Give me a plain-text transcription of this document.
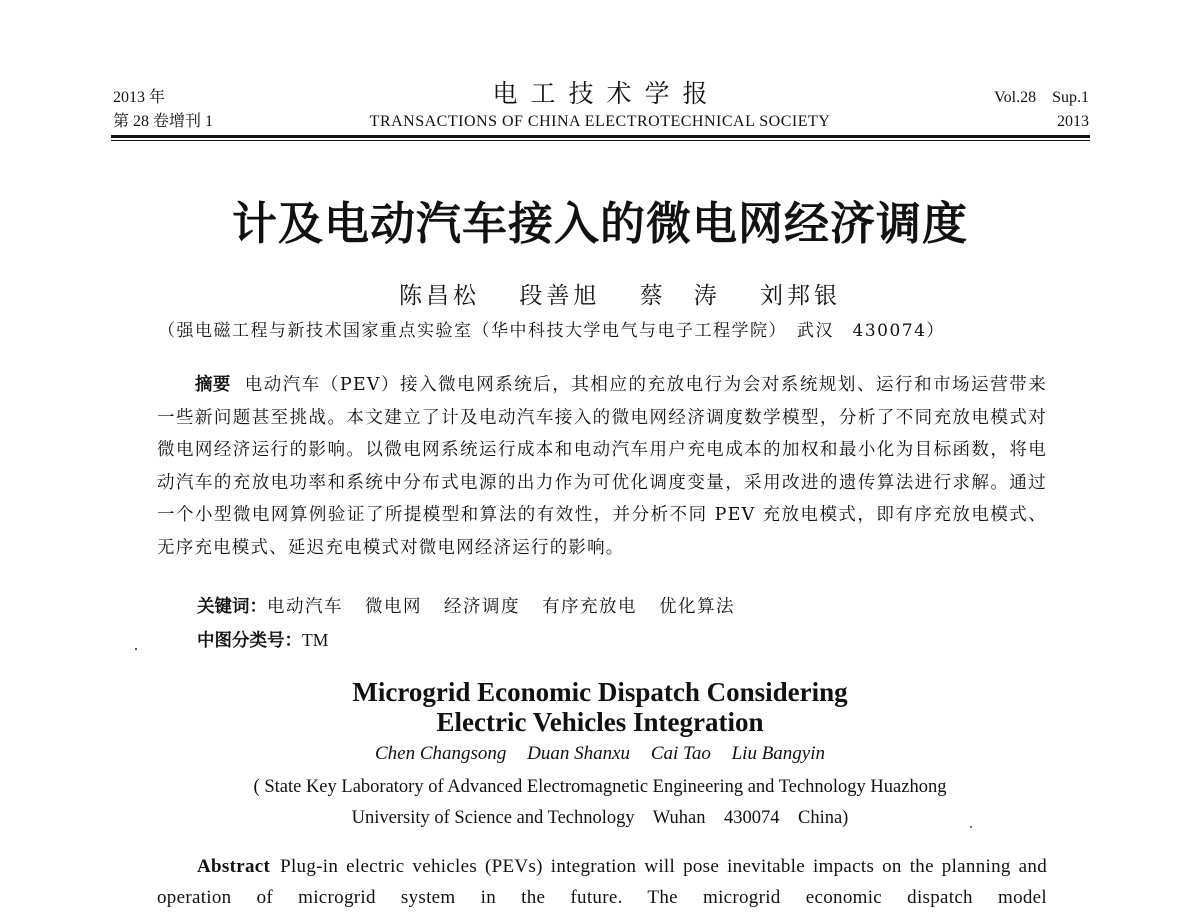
2013 年
第 28 卷增刊 1
电工技术学报
TRANSACTIONS OF CHINA ELECTROTECHNICAL SOCIETY
Vol.28 Sup.1
2013
计及电动汽车接入的微电网经济调度
陈昌松 段善旭 蔡　涛 刘邦银
（强电磁工程与新技术国家重点实验室（华中科技大学电气与电子工程学院）　武汉　430074）
摘要 电动汽车（PEV）接入微电网系统后，其相应的充放电行为会对系统规划、运行和市场运营带来一些新问题甚至挑战。本文建立了计及电动汽车接入的微电网经济调度数学模型，分析了不同充放电模式对微电网经济运行的影响。以微电网系统运行成本和电动汽车用户充电成本的加权和最小化为目标函数，将电动汽车的充放电功率和系统中分布式电源的出力作为可优化调度变量，采用改进的遗传算法进行求解。通过一个小型微电网算例验证了所提模型和算法的有效性，并分析不同 PEV 充放电模式，即有序充放电模式、无序充电模式、延迟充电模式对微电网经济运行的影响。
关键词：电动汽车 微电网 经济调度 有序充放电 优化算法
中图分类号：TM
Microgrid Economic Dispatch Considering
Electric Vehicles Integration
Chen Changsong Duan Shanxu Cai Tao Liu Bangyin
( State Key Laboratory of Advanced Electromagnetic Engineering and Technology Huazhong
University of Science and Technology    Wuhan    430074    China)
Abstract Plug-in electric vehicles (PEVs) integration will pose inevitable impacts on the planning and operation of microgrid system in the future. The microgrid economic dispatch model
